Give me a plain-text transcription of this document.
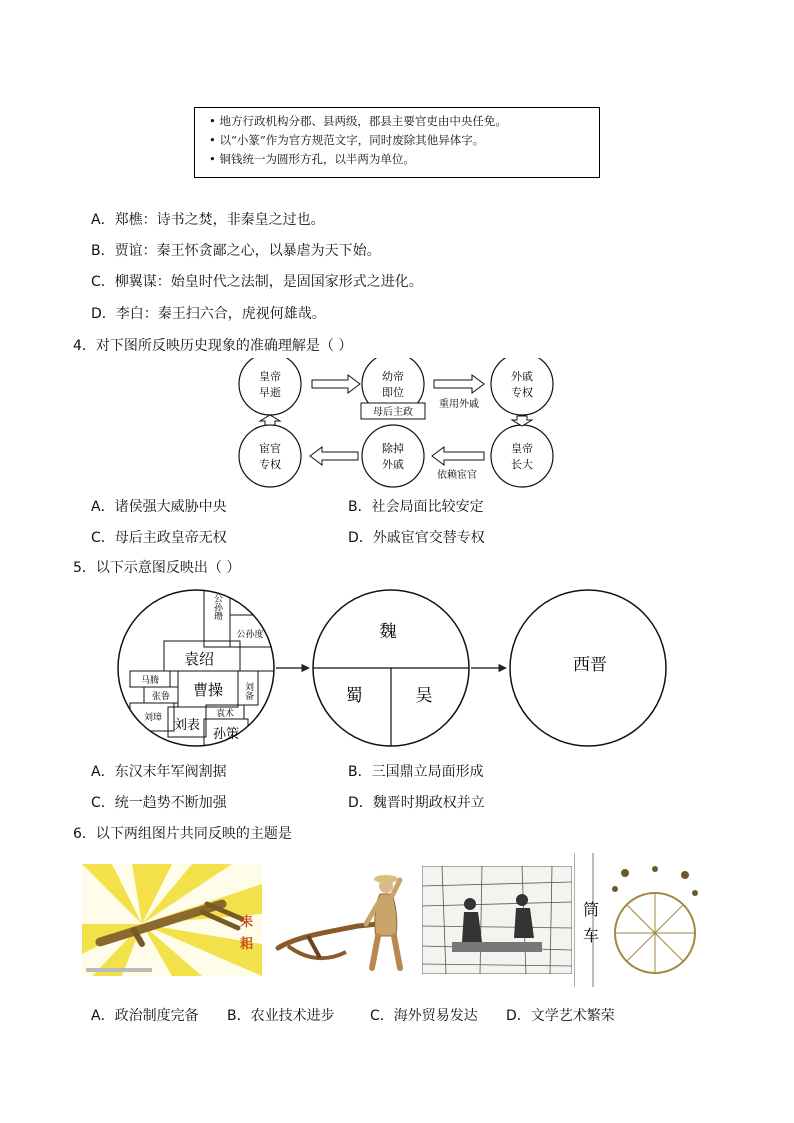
• 地方行政机构分郡、县两级，郡县主要官吏由中央任免。
• 以“小篆”作为官方规范文字，同时废除其他异体字。
• 铜钱统一为圆形方孔，以半两为单位。
A．郑樵：诗书之焚，非秦皇之过也。
B．贾谊：秦王怀贪鄙之心，以暴虐为天下始。
C．柳翼谋：始皇时代之法制，是固国家形式之进化。
D．李白：秦王扫六合，虎视何雄哉。
4．对下图所反映历史现象的准确理解是（ ）
皇帝
早逝
幼帝
即位
外戚
专权
皇帝
长大
除掉
外戚
宦官
专权
母后主政
重用外戚
依赖宦官
A．诸侯强大威胁中央	B．社会局面比较安定
C．母后主政皇帝无权	D．外戚宦官交替专权
5．以下示意图反映出（ ）
公孙瓒
公孙度
袁绍
马腾
张鲁 曹操 刘备
刘璋 刘表
袁术
孙策
魏
蜀	吴
西晋
A．东汉末年军阀割据	B．三国鼎立局面形成
C．统一趋势不断加强	D．魏晋时期政权并立
6．以下两组图片共同反映的主题是
耒
耜
筒
车
A．政治制度完备 B．农业技术进步	C．海外贸易发达 D．文学艺术繁荣
